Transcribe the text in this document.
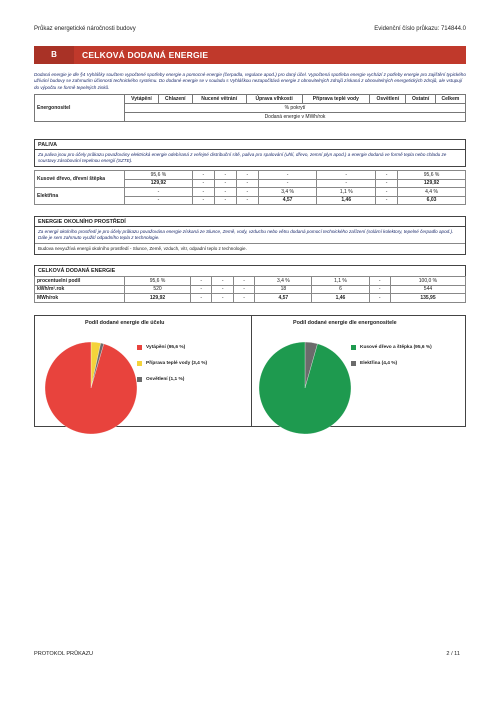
Průkaz energetické náročnosti budovy	Evidenční číslo průkazu: 714844.0
B	CELKOVÁ DODANÁ ENERGIE
Dodaná energie je dle §4 Vyhlášky součtem vypočtené spotřeby energie a pomocné energie (čerpadla, regulace apod.) pro daný účel. Vypočtená spotřeba energie vychází z potřeby energie pro zajištění typického užívání budovy se zahrnutím účinnosti technického systému. Do dodané energie se v souladu s Vyhláškou nezapočítává energie z obnovitelných zdrojů získaná z obnovitelných energetických zdrojů, ale vstupují do výpočtu se formě tepelných zisků.
Energonositel	Vytápění	Chlazení	Nucené větrání	Úprava vlhkosti	Příprava teplé vody	Osvětlení	Ostatní	Celkem
% pokrytí
Dodaná energie v MWh/rok
PALIVA
Za paliva jsou pro účely průkazu považovány elektrická energie odebíraná z veřejné distribuční sítě, paliva pro spalování (uhlí, dřevo, zemní plyn apod.) a energie dodaná ve formě tepla nebo chladu ze soustavy zásobování tepelnou energií (SZTE).
Kusové dřevo, dřevní štěpka	95,6 %	-	-	-	-	-	-	95,6 %
	129,92	-	-	-	-	-	-	129,92
Elektřina	-	-	-	-	3,4 %	1,1 %	-	4,4 %
	-	-	-	-	4,57	1,46	-	6,03
ENERGIE OKOLNÍHO PROSTŘEDÍ
Za energii okolního prostředí je pro účely průkazu považována energie získaná ze Slunce, Země, vody, vzduchu nebo větru dodaná pomocí technického zařízení (solární kolektory, tepelné čerpadlo apod.). Dále je sem zahrnuto využití odpadního tepla z technologie.
Budova nevyužívá energii okolního prostředí - Slunce, Země, vzduch, vítr, odpadní teplo z technologie.
CELKOVÁ DODANÁ ENERGIE
procentuelní podíl	95,6 %	-	-	-	3,4 %	1,1 %	-	100,0 %
kWh/m².rok	520	-	-	-	18	6	-	544
MWh/rok	129,92	-	-	-	4,57	1,46	-	135,95
Podíl dodané energie dle účelu
Vytápění (95,6 %)
Příprava teplé vody (3,4 %)
Osvětlení (1,1 %)
Podíl dodané energie dle energonositele
Kusové dřevo a štěpka (95,6 %)
Elektřina (4,4 %)
PROTOKOL PRŮKAZU	2 / 11
